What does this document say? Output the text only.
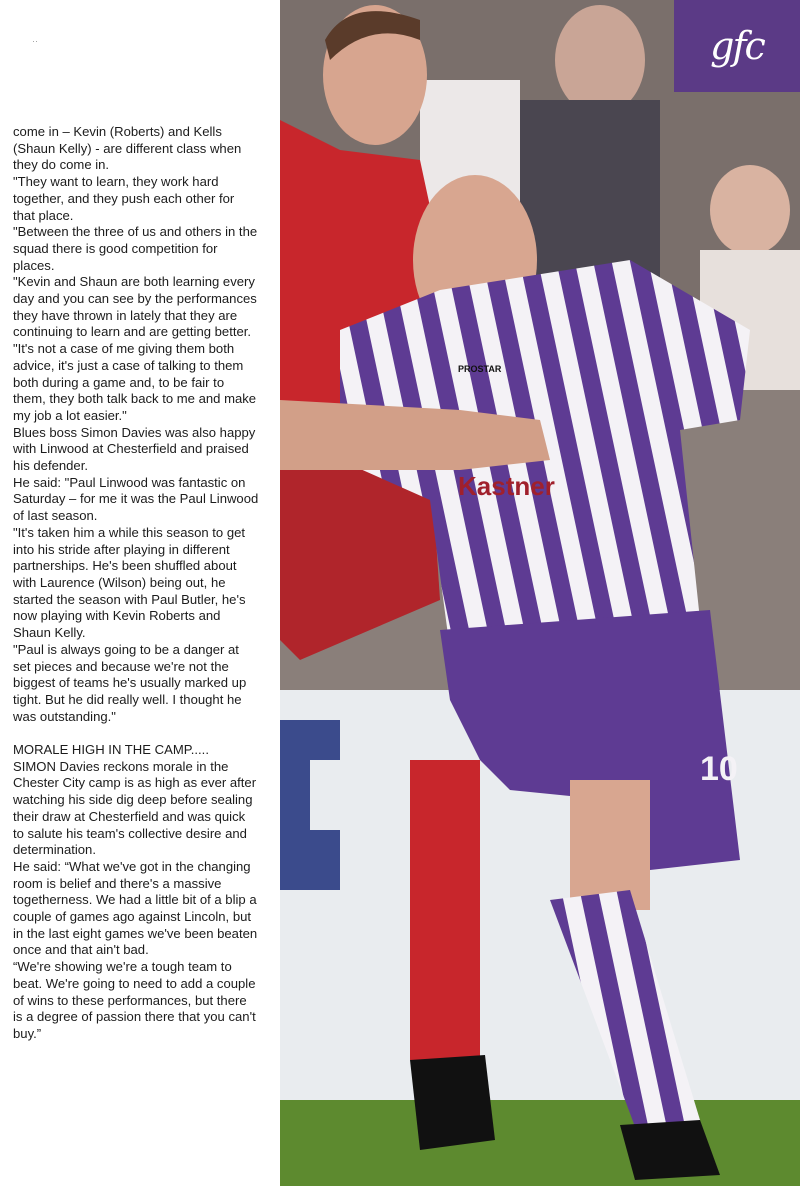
··

come in – Kevin (Roberts) and Kells (Shaun Kelly) - are different class when they do come in.

"They want to learn, they work hard together, and they push each other for that place.

"Between the three of us and others in the squad there is good competition for places.

"Kevin and Shaun are both learning every day and you can see by the performances they have thrown in lately that they are continuing to learn and are getting better.

"It's not a case of me giving them both advice, it's just a case of talking to them both during a game and, to be fair to them, they both talk back to me and make my job a lot easier."

Blues boss Simon Davies was also happy with Linwood at Chesterfield and praised his defender.

He said: "Paul Linwood was fantastic on Saturday – for me it was the Paul Linwood of last season.

"It's taken him a while this season to get into his stride after playing in different partnerships. He's been shuffled about with Laurence (Wilson) being out, he started the season with Paul Butler, he's now playing with Kevin Roberts and Shaun Kelly.

"Paul is always going to be a danger at set pieces and because we're not the biggest of teams he's usually marked up tight. But he did really well. I thought he was outstanding."

MORALE HIGH IN THE CAMP.....

SIMON Davies reckons morale in the Chester City camp is as high as ever after watching his side dig deep before sealing their draw at Chesterfield and was quick to salute his team's collective desire and determination.

He said: “What we've got in the changing room is belief and there's a massive togetherness. We had a little bit of a blip a couple of games ago against Lincoln, but in the last eight games we've been beaten once and that ain't bad.

“We're showing we're a tough team to beat. We're going to need to add a couple of wins to these performances, but there is a degree of passion there that you can't buy.”

PROSTAR
Kastner
10
gfc
